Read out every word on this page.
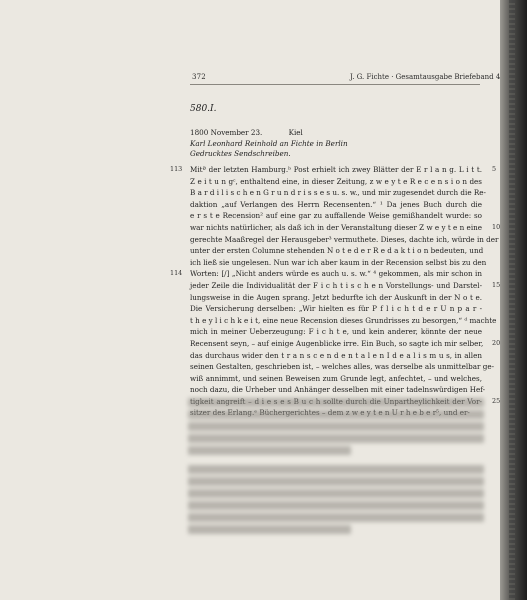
372	J. G. Fichte · Gesamtausgabe Briefeband 4
580.I.
1800 November 23.	Kiel
Karl Leonhard Reinhold an Fichte in Berlin
Gedrucktes Sendschreiben.
113 Mitª der letzten Hamburg.ᵇ Post erhielt ich zwey Blätter der E r l a n g. L i t t. 5
Z e i t u n gᶜ, enthaltend eine, in dieser Zeitung, z w e y t e R e c e n s i o n des
B a r d i l i s c h e n G r u n d r i s s e s u. s. w., und mir zugesendet durch die Re-
daktion „auf Verlangen des Herrn Recensenten.“ ¹ Da jenes Buch durch die
e r s t e Recension² auf eine gar zu auffallende Weise gemißhandelt wurde: so
war nichts natürlicher, als daß ich in der Veranstaltung dieser Z w e y t e n eine 10
gerechte Maaßregel der Herausgeber³ vermuthete. Dieses, dachte ich, würde in der
unter der ersten Columne stehenden N o t e d e r R e d a k t i o n bedeuten, und
ich ließ sie ungelesen. Nun war ich aber kaum in der Recension selbst bis zu den
114 Worten: [/] „Nicht anders würde es auch u. s. w.“ ⁴ gekommen, als mir schon in
jeder Zeile die Individualität der F i c h t i s c h e n Vorstellungs- und Darstel- 15
lungsweise in die Augen sprang. Jetzt bedurfte ich der Auskunft in der N o t e.
Die Versicherung derselben: „Wir hielten es für P f l i c h t d e r U n p a r -
t h e y l i c h k e i t, eine neue Recension dieses Grundrisses zu besorgen,“ ᵈ machte
mich in meiner Ueberzeugung: F i c h t e, und kein anderer, könnte der neue
Recensent seyn, – auf einige Augenblicke irre. Ein Buch, so sagte ich mir selber, 20
das durchaus wider den t r a n s c e n d e n t a l e n I d e a l i s m u s, in allen
seinen Gestalten, geschrieben ist, – welches alles, was derselbe als unmittelbar ge-
wiß annimmt, und seinen Beweisen zum Grunde legt, anfechtet, – und welches,
noch dazu, die Urheber und Anhänger desselben mit einer tadelnswürdigen Hef-
25
